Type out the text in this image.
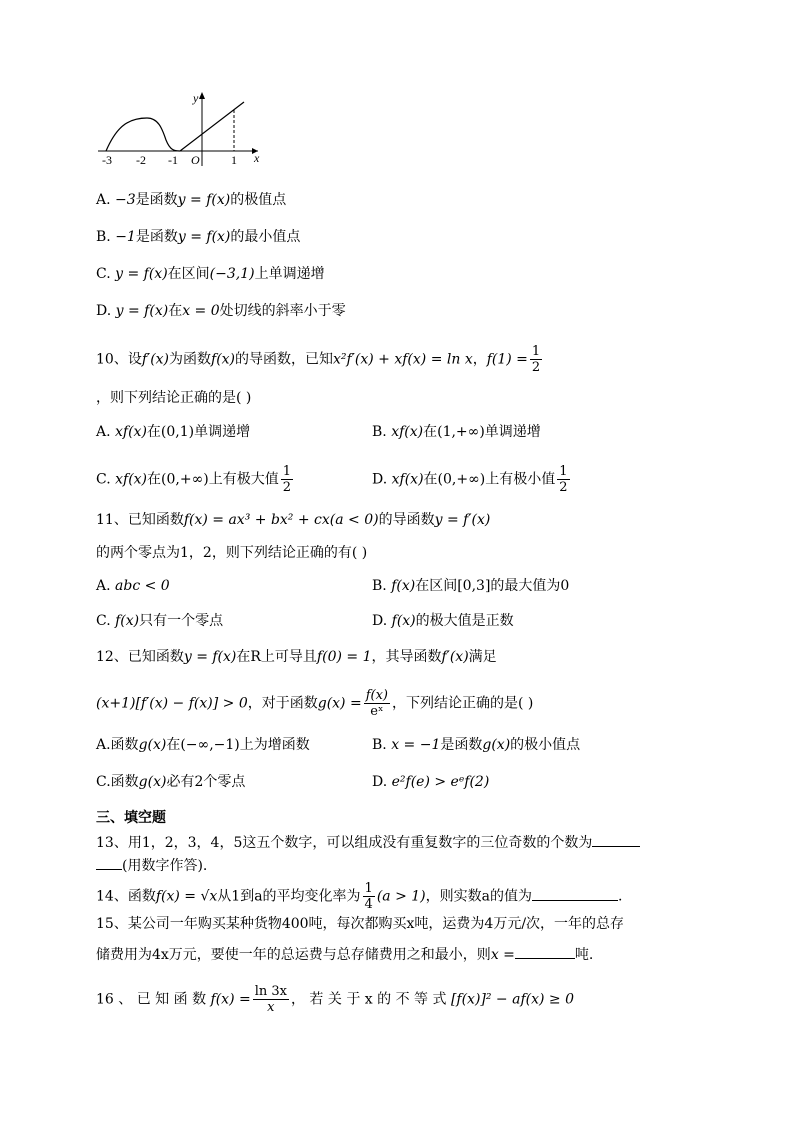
y
x
-3 -2 -1 O	1
A. −3是函数y = f(x)的极值点
B. −1是函数y = f(x)的最小值点
C. y = f(x)在区间(−3,1)上单调递增
D. y = f(x)在x = 0处切线的斜率小于零
10、设f′(x)为函数f(x)的导函数，已知x²f′(x) + xf(x) = ln x，$f(1) = \frac{1}{2}$
，则下列结论正确的是( )
A. xf(x)在(0,1)单调递增	B. xf(x)在(1,+∞)单调递增
C. xf(x)在(0,+∞)上有极大值 $\frac{1}{2}$	D. xf(x)在(0,+∞)上有极小值 $\frac{1}{2}$
11、已知函数f(x) = ax³ + bx² + cx(a < 0)的导函数y = f′(x)
的两个零点为1，2，则下列结论正确的有( )
A. abc < 0	B. f(x)在区间[0,3]的最大值为0
C. f(x)只有一个零点	D. f(x)的极大值是正数
12、已知函数y = f(x)在R上可导且f(0) = 1，其导函数f′(x)满足
(x+1)[f′(x) − f(x)] > 0，对于函数$g(x) = \frac{f(x)}{\text{eˣ}}$ ，下列结论正确的是( )
A.函数g(x)在(−∞,−1)上为增函数	B. x = −1是函数g(x)的极小值点
C.函数g(x)必有2个零点	D. e²f(e) > eᵉf(2)
三、填空题
13、用1，2，3，4，5这五个数字，可以组成没有重复数字的三位奇数的个数为
(用数字作答).
14、函数f(x) = √x从1到a的平均变化率为 $\frac{1}{4} (a > 1)$，则实数a的值为	.
15、某公司一年购买某种货物400吨，每次都购买x吨，运费为4万元/次，一年的总存
储费用为4x万元，要使一年的总运费与总存储费用之和最小，则x =	吨.
16 、 已 知 函 数 $f(x) = \frac{\ln 3x}{x}$ ， 若 关 于 x 的 不 等 式 [f(x)]² − af(x) ≥ 0
